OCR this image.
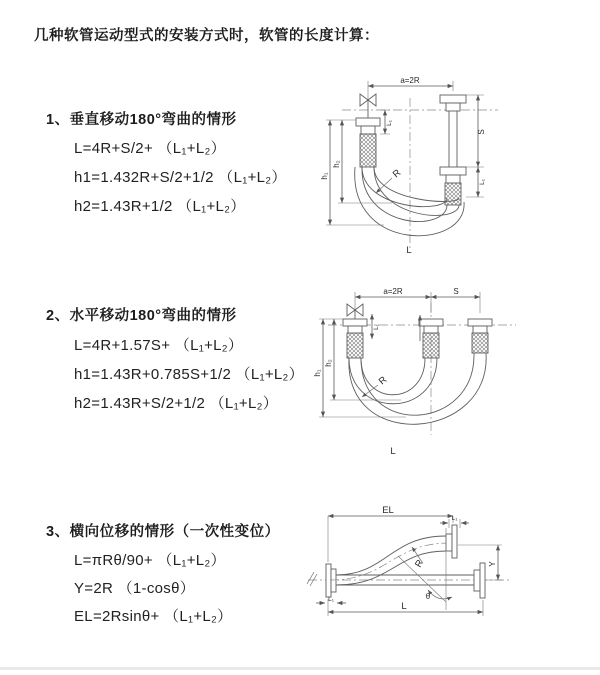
几种软管运动型式的安装方式时，软管的长度计算：
1、垂直移动180°弯曲的情形
L=4R+S/2+ （L₁+L₂）
h1=1.432R+S/2+1/2 （L₁+L₂）
h2=1.43R+1/2 （L₁+L₂）
2、水平移动180°弯曲的情形
L=4R+1.57S+ （L₁+L₂）
h1=1.43R+0.785S+1/2 （L₁+L₂）
h2=1.43R+S/2+1/2 （L₁+L₂）
3、横向位移的情形（一次性变位）
L=πRθ/90+ （L₁+L₂）
Y=2R （1-cosθ）
EL=2Rsinθ+ （L₁+L₂）
a=2R
h₁
h₂
L₁
S
L₁
R
L
a=2R	S
h₁
h₂
L₁
R
L
EL
L₁
Y
θ
R
L₁
L
